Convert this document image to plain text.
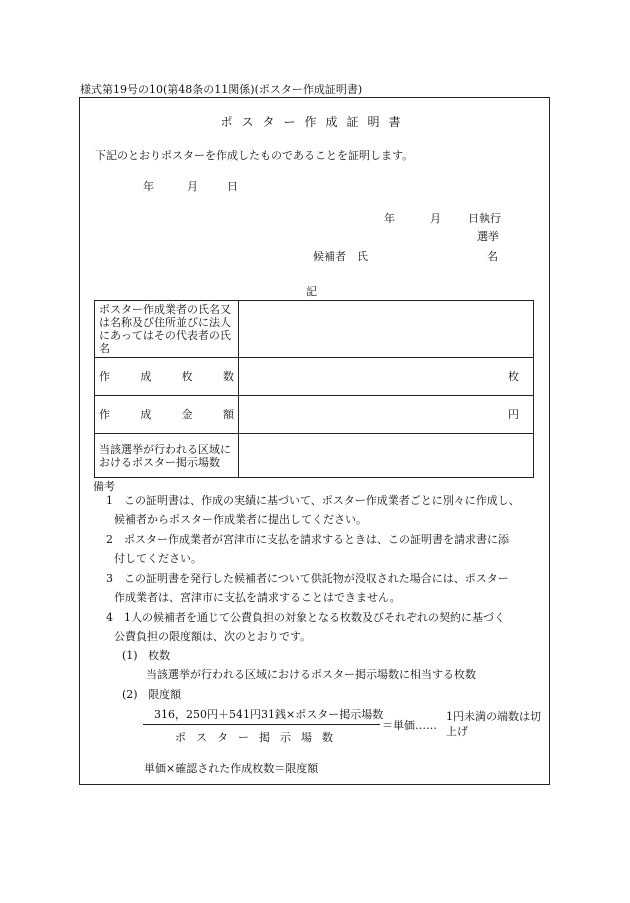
様式第19号の10(第48条の11関係)(ポスター作成証明書)
ポスター作成証明書
下記のとおりポスターを作成したものであることを証明します。
年	月	日
年	月 日執行
選挙
候補者　氏	名
記
ポスター作成業者の氏名又は名称及び住所並びに法人にあってはその代表者の氏名	

作 成 枚 数	枚

作 成 金 額	円
当該選挙が行われる区域におけるポスター掲示場数	
備考
1 この証明書は、作成の実績に基づいて、ポスター作成業者ごとに別々に作成し、
候補者からポスター作成業者に提出してください。
2 ポスター作成業者が宮津市に支払を請求するときは、この証明書を請求書に添
付してください。
3 この証明書を発行した候補者について供託物が没収された場合には、ポスター
作成業者は、宮津市に支払を請求することはできません。
4 1人の候補者を通じて公費負担の対象となる枚数及びそれぞれの契約に基づく
公費負担の限度額は、次のとおりです。
(1) 枚数
当該選挙が行われる区域におけるポスター掲示場数に相当する枚数
(2) 限度額
316，250円＋541円31銭×ポスター掲示場数
ポスター掲示場数
＝単価……
1円未満の端数は切上げ
単価×確認された作成枚数＝限度額
